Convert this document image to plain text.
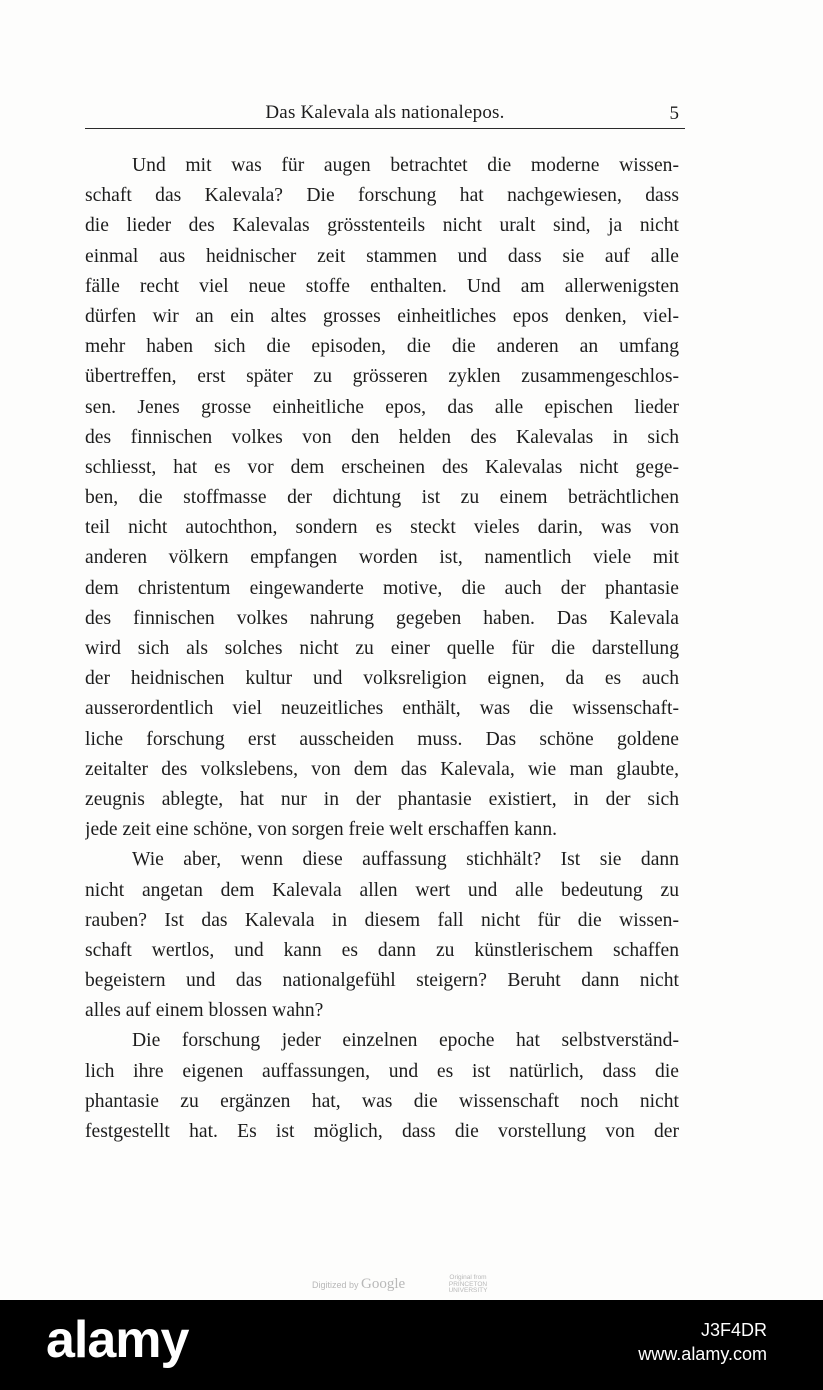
Das Kalevala als nationalepos.	5
Und mit was für augen betrachtet die moderne wissen-
schaft das Kalevala? Die forschung hat nachgewiesen, dass
die lieder des Kalevalas grösstenteils nicht uralt sind, ja nicht
einmal aus heidnischer zeit stammen und dass sie auf alle
fälle recht viel neue stoffe enthalten. Und am allerwenigsten
dürfen wir an ein altes grosses einheitliches epos denken, viel-
mehr haben sich die episoden, die die anderen an umfang
übertreffen, erst später zu grösseren zyklen zusammengeschlos-
sen. Jenes grosse einheitliche epos, das alle epischen lieder
des finnischen volkes von den helden des Kalevalas in sich
schliesst, hat es vor dem erscheinen des Kalevalas nicht gege-
ben, die stoffmasse der dichtung ist zu einem beträchtlichen
teil nicht autochthon, sondern es steckt vieles darin, was von
anderen völkern empfangen worden ist, namentlich viele mit
dem christentum eingewanderte motive, die auch der phantasie
des finnischen volkes nahrung gegeben haben. Das Kalevala
wird sich als solches nicht zu einer quelle für die darstellung
der heidnischen kultur und volksreligion eignen, da es auch
ausserordentlich viel neuzeitliches enthält, was die wissenschaft-
liche forschung erst ausscheiden muss. Das schöne goldene
zeitalter des volkslebens, von dem das Kalevala, wie man glaubte,
zeugnis ablegte, hat nur in der phantasie existiert, in der sich
jede zeit eine schöne, von sorgen freie welt erschaffen kann.
Wie aber, wenn diese auffassung stichhält? Ist sie dann
nicht angetan dem Kalevala allen wert und alle bedeutung zu
rauben? Ist das Kalevala in diesem fall nicht für die wissen-
schaft wertlos, und kann es dann zu künstlerischem schaffen
begeistern und das nationalgefühl steigern? Beruht dann nicht
alles auf einem blossen wahn?
Die forschung jeder einzelnen epoche hat selbstverständ-
lich ihre eigenen auffassungen, und es ist natürlich, dass die
phantasie zu ergänzen hat, was die wissenschaft noch nicht
festgestellt hat. Es ist möglich, dass die vorstellung von der
Digitized by Google	Original from
PRINCETON UNIVERSITY
alamy	J3F4DR
www.alamy.com
